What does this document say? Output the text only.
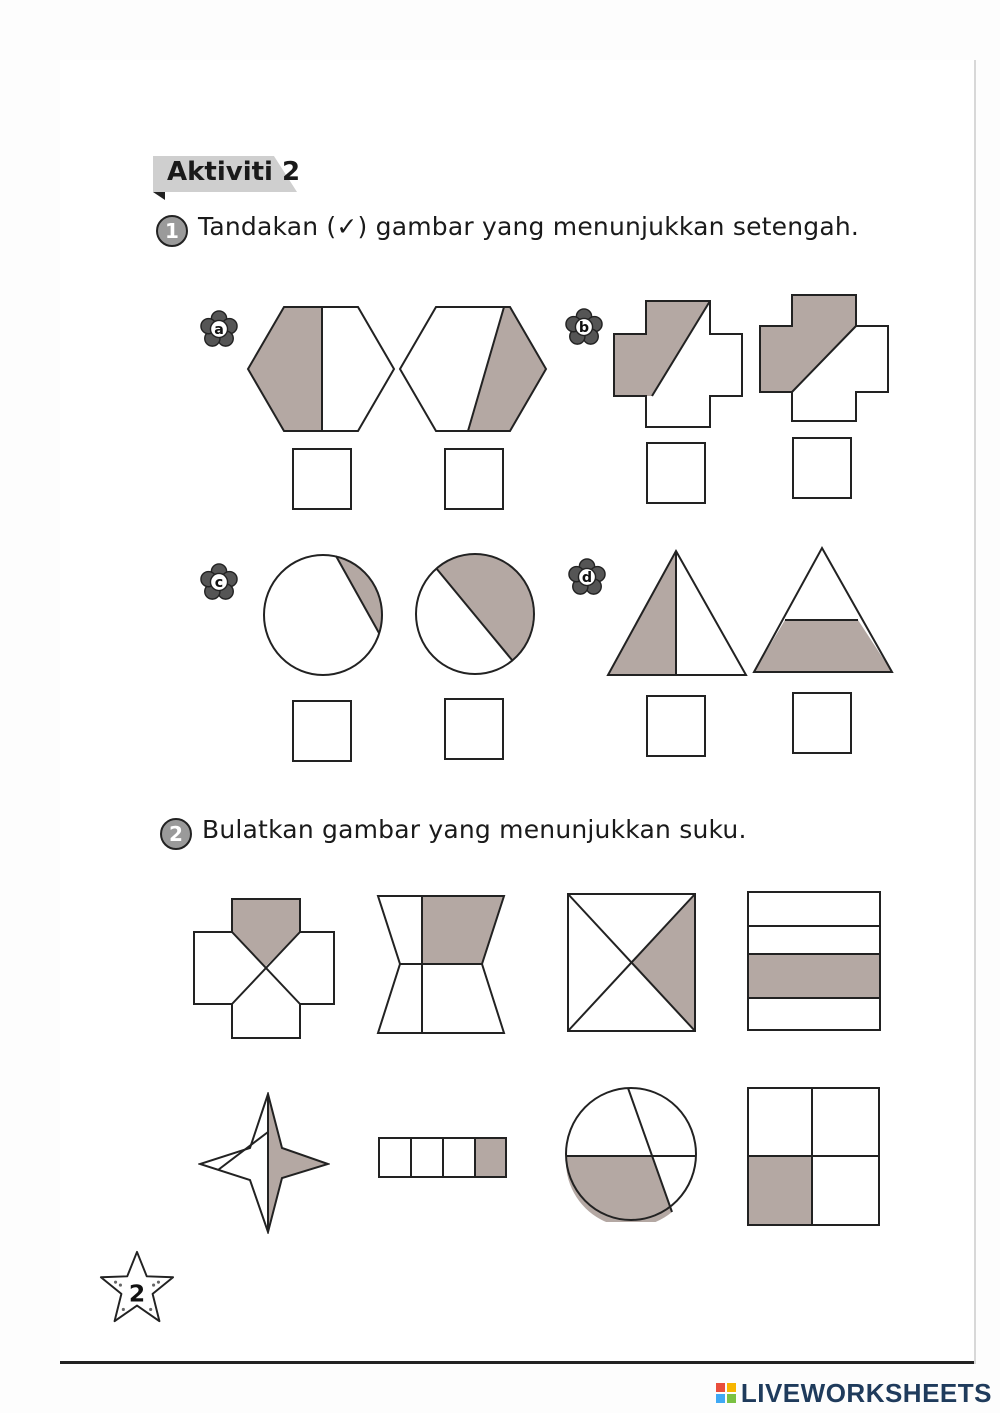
Aktiviti 2
1 Tandakan (✓) gambar yang menunjukkan setengah.
a	b
c	d
2 Bulatkan gambar yang menunjukkan suku.
2
LIVEWORKSHEETS
